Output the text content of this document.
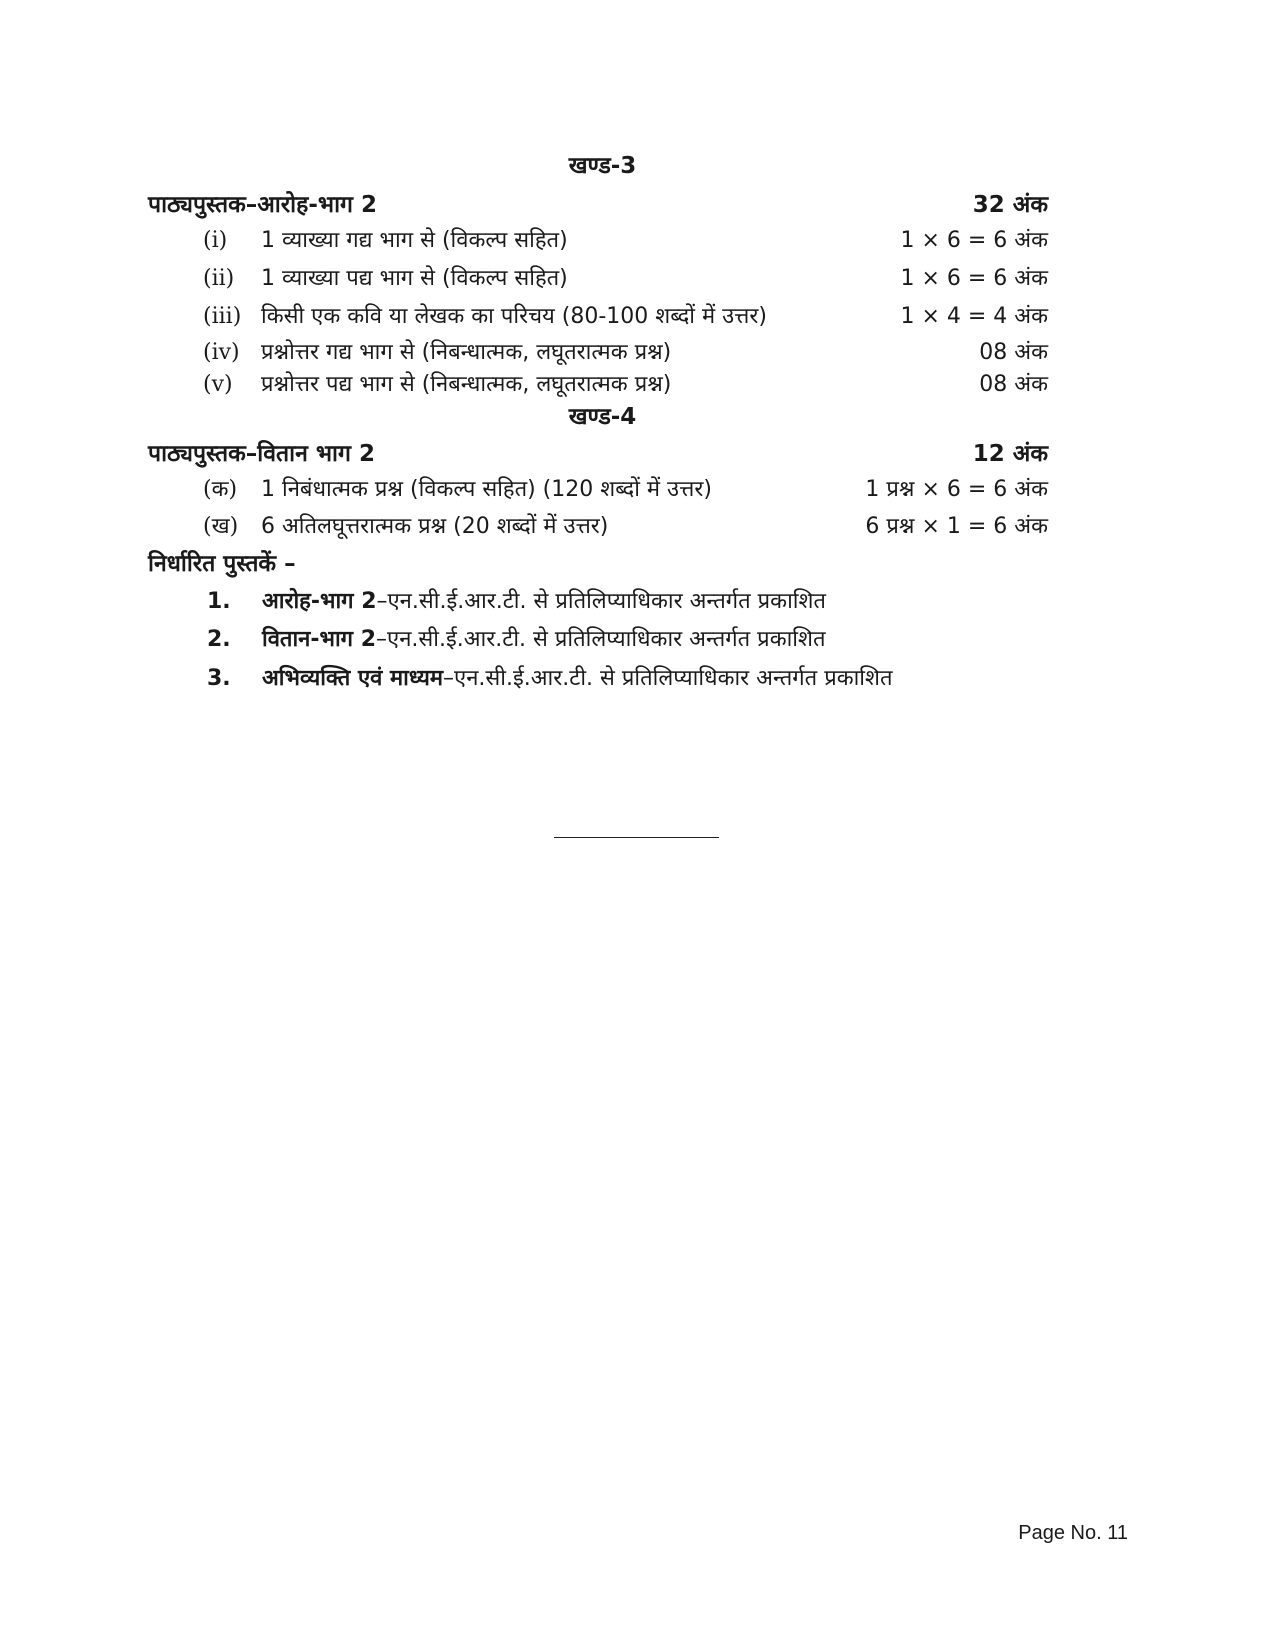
खण्ड-3
पाठ्यपुस्तक–आरोह-भाग 2	32 अंक
(i)	1 व्याख्या गद्य भाग से (विकल्प सहित)	1 × 6 = 6 अंक
(ii)	1 व्याख्या पद्य भाग से (विकल्प सहित)	1 × 6 = 6 अंक
(iii) किसी एक कवि या लेखक का परिचय (80-100 शब्दों में उत्तर)	1 × 4 = 4 अंक
(iv) प्रश्नोत्तर गद्य भाग से (निबन्धात्मक, लघूतरात्मक प्रश्न)	08 अंक
(v)	प्रश्नोत्तर पद्य भाग से (निबन्धात्मक, लघूतरात्मक प्रश्न)	08 अंक
खण्ड-4
पाठ्यपुस्तक–वितान भाग 2	12 अंक
(क)	1 निबंधात्मक प्रश्न (विकल्प सहित) (120 शब्दों में उत्तर)	1 प्रश्न × 6 = 6 अंक
(ख)	6 अतिलघूत्तरात्मक प्रश्न (20 शब्दों में उत्तर)	6 प्रश्न × 1 = 6 अंक
निर्धारित पुस्तकें –
1.	आरोह-भाग 2 –एन.सी.ई.आर.टी. से प्रतिलिप्याधिकार अन्तर्गत प्रकाशित
2.	वितान-भाग 2 –एन.सी.ई.आर.टी. से प्रतिलिप्याधिकार अन्तर्गत प्रकाशित
3.	अभिव्यक्ति एवं माध्यम –एन.सी.ई.आर.टी. से प्रतिलिप्याधिकार अन्तर्गत प्रकाशित
Page No. 11
